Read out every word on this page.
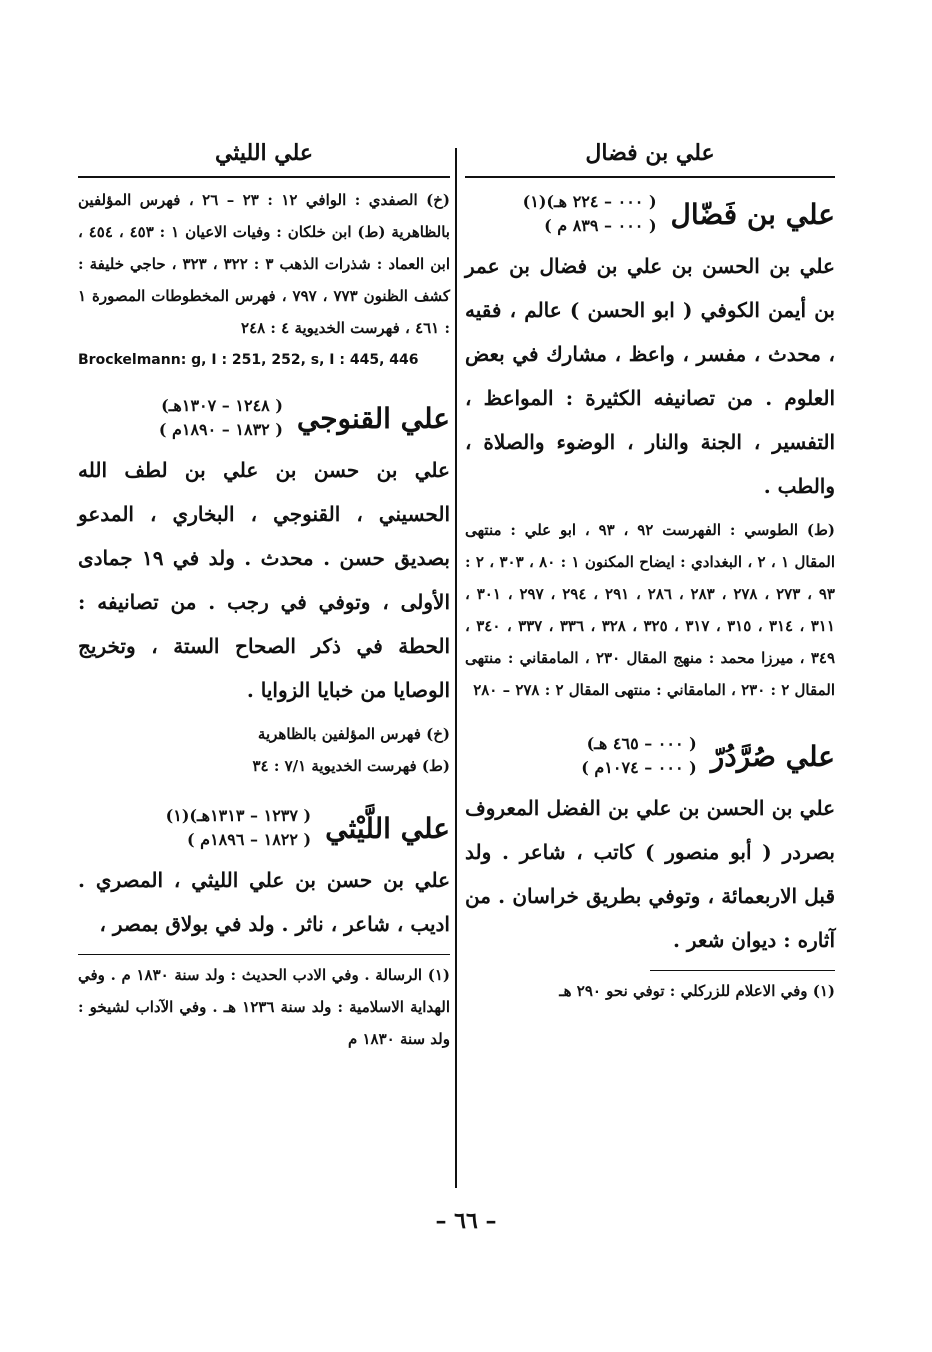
علي بن فضال
علي بن فَضّال
( ٠٠٠ – ٢٢٤ هـ)(١)
( ٠٠٠ – ٨٣٩ م )
علي بن الحسن بن علي بن فضال بن عمر بن أيمن الكوفي ( ابو الحسن ) عالم ، فقيه ، محدث ، مفسر ، واعظ ، مشارك في بعض العلوم . من تصانيفه الكثيرة : المواعظ ، التفسير ، الجنة والنار ، الوضوء والصلاة ، والطب .
(ط) الطوسي : الفهرست ٩٢ ، ٩٣ ، ابو علي : منتهى المقال ١ ، ٢ ، البغدادي : ايضاح المكنون ١ : ٨٠ ، ٣٠٣ ، ٢ : ٩٣ ، ٢٧٣ ، ٢٧٨ ، ٢٨٣ ، ٢٨٦ ، ٢٩١ ، ٢٩٤ ، ٢٩٧ ، ٣٠١ ، ٣١١ ، ٣١٤ ، ٣١٥ ، ٣١٧ ، ٣٢٥ ، ٣٢٨ ، ٣٣٦ ، ٣٣٧ ، ٣٤٠ ، ٣٤٩ ، ميرزا محمد : منهج المقال ٢٣٠ ، المامقاني : منتهى المقال ٢ : ٢٣٠ ، المامقاني : منتهى المقال ٢ : ٢٧٨ – ٢٨٠
علي صُرَّدُرّ
( ٠٠٠ – ٤٦٥ هـ)
( ٠٠٠ – ١٠٧٤م )
علي بن الحسن بن علي بن الفضل المعروف بصردر ( أبو منصور ) كاتب ، شاعر . ولد قبل الاربعمائة ، وتوفي بطريق خراسان . من آثاره : ديوان شعر .
(١) وفي الاعلام للزركلي : توفي نحو ٢٩٠ هـ
علي الليثي
(خ) الصفدي : الوافي ١٢ : ٢٣ – ٢٦ ، فهرس المؤلفين بالظاهرية (ط) ابن خلكان : وفيات الاعيان ١ : ٤٥٣ ، ٤٥٤ ، ابن العماد : شذرات الذهب ٣ : ٣٢٢ ، ٣٢٣ ، حاجي خليفة : كشف الظنون ٧٧٣ ، ٧٩٧ ، فهرس المخطوطات المصورة ١ : ٤٦١ ، فهرست الخديوية ٤ : ٢٤٨
Brockelmann: g, I : 251, 252, s, I : 445, 446
علي القنوجي
( ١٢٤٨ – ١٣٠٧هـ)
( ١٨٣٢ – ١٨٩٠م )
علي بن حسن بن علي بن لطف الله الحسيني ، القنوجي ، البخاري ، المدعو بصديق حسن . محدث . ولد في ١٩ جمادى الأولى ، وتوفي في رجب . من تصانيفه : الحطة في ذكر الصحاح الستة ، وتخريج الوصايا من خبايا الزوايا .
(خ) فهرس المؤلفين بالظاهرية
(ط) فهرست الخديوية ٧/١ : ٣٤
علي اللَّيْثي
( ١٢٣٧ – ١٣١٣هـ)(١)
( ١٨٢٢ – ١٨٩٦م )
علي بن حسن بن علي الليثي ، المصري . اديب ، شاعر ، ناثر . ولد في بولاق بمصر ،
(١) الرسالة . وفي الادب الحديث : ولد سنة ١٨٣٠ م . وفي الهداية الاسلامية : ولد سنة ١٢٣٦ هـ . وفي الآداب لشيخو : ولد سنة ١٨٣٠ م
– ٦٦ –
